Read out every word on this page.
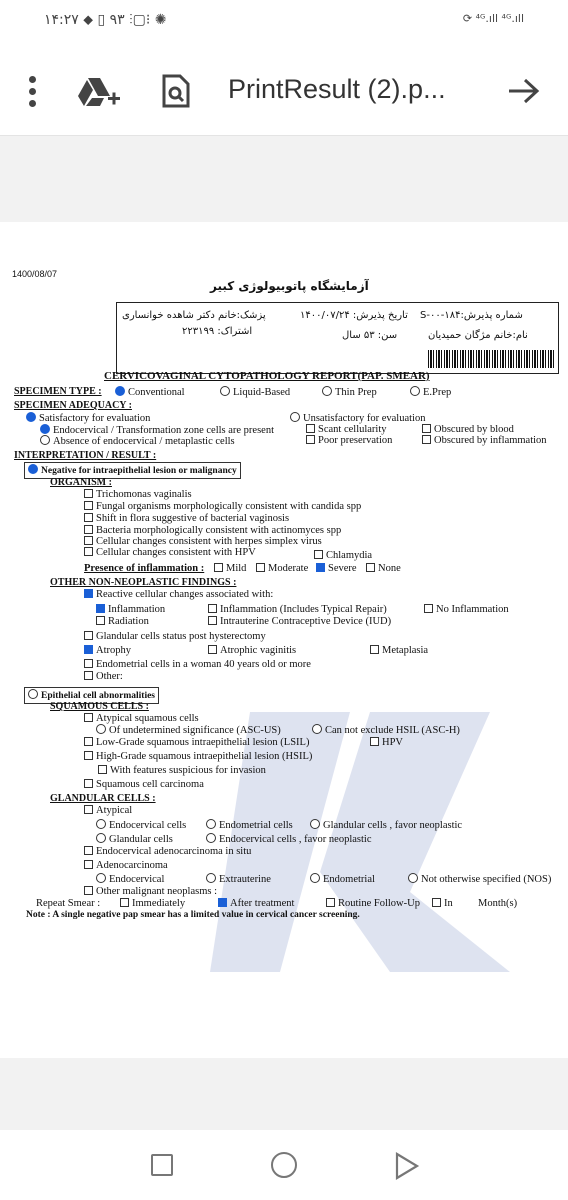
۱۴:۲۷ ⬥ ▯ ۹۳ ⫶▢⁝ ✺	⟳ ⁴ᴳ.ıll ⁴ᴳ.ıll
PrintResult (2).p...
1400/08/07
آزمایشگاه پاتوبیولوژی کبیر
شماره پذیرش:۱۸۴-۰۰-S
تاریخ پذیرش: ۱۴۰۰/۰۷/۲۴
پزشک:خانم دکتر شاهده خوانساری
نام:خانم مژگان حمیدیان
سن: ۵۳ سال
اشتراک: ۲۲۳۱۹۹
CERVICOVAGINAL CYTOPATHOLOGY REPORT(PAP. SMEAR)
SPECIMEN TYPE :	Conventional	Liquid-Based	Thin Prep	E.Prep
SPECIMEN ADEQUACY :
Satisfactory for evaluation	Unsatisfactory for evaluation
Endocervical / Transformation zone cells are present	Scant cellularity	Obscured by blood
Absence of endocervical / metaplastic cells	Poor preservation	Obscured by inflammation
INTERPRETATION / RESULT :
Negative for intraepithelial lesion or malignancy
ORGANISM :
Trichomonas vaginalis
Fungal organisms morphologically consistent with candida spp
Shift in flora suggestive of bacterial vaginosis
Bacteria morphologically consistent with actinomyces spp
Cellular changes consistent with herpes simplex virus
Cellular changes consistent with HPV	Chlamydia
Presence of inflammation :	Mild	Moderate	Severe	None
OTHER NON-NEOPLASTIC FINDINGS :
Reactive cellular changes associated with:
Inflammation	Inflammation (Includes Typical Repair)	No Inflammation
Radiation	Intrauterine Contraceptive Device (IUD)
Glandular cells status post hysterectomy
Atrophy	Atrophic vaginitis	Metaplasia
Endometrial cells in a woman 40 years old or more
Other:
Epithelial cell abnormalities
SQUAMOUS CELLS :
Atypical squamous cells
Of undetermined significance (ASC-US)	Can not exclude HSIL (ASC-H)
Low-Grade squamous intraepithelial lesion (LSIL)	HPV
High-Grade squamous intraepithelial lesion (HSIL)
With features suspicious for invasion
Squamous cell carcinoma
GLANDULAR CELLS :
Atypical
Endocervical cells	Endometrial cells	Glandular cells , favor neoplastic
Glandular cells	Endocervical cells , favor neoplastic
Endocervical adenocarcinoma in situ
Adenocarcinoma
Endocervical	Extrauterine	Endometrial	Not otherwise specified (NOS)
Other malignant neoplasms :
Repeat Smear :	Immediately	After treatment	Routine Follow-Up	In Month(s)
Note : A single negative pap smear has a limited value in cervical cancer screening.
